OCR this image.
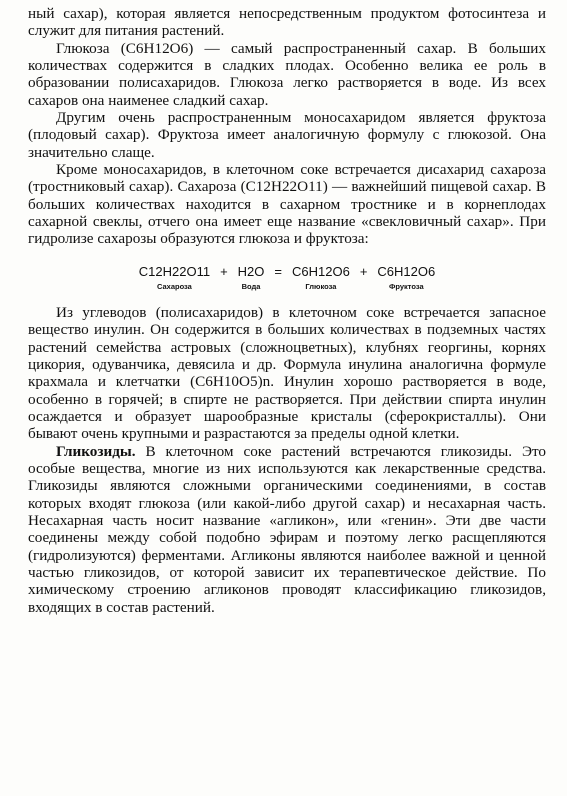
ный сахар), которая является непосредственным продуктом фотосинтеза и служит для питания растений.

Глюкоза (C6H12O6) — самый распространенный сахар. В больших количествах содержится в сладких плодах. Особенно велика ее роль в образовании полисахаридов. Глюкоза легко растворяется в воде. Из всех сахаров она наименее сладкий сахар.

Другим очень распространенным моносахаридом является фруктоза (плодовый сахар). Фруктоза имеет аналогичную формулу с глюкозой. Она значительно слаще.

Кроме моносахаридов, в клеточном соке встречается дисахарид сахароза (тростниковый сахар). Сахароза (C12H22O11) — важнейший пищевой сахар. В больших количествах находится в сахарном тростнике и в корнеплодах сахарной свеклы, отчего она имеет еще название «свекловичный сахар». При гидролизе сахарозы образуются глюкоза и фруктоза:

C12H22O11
Сахароза
+ H2O
Вода
= C6H12O6
Глюкоза
+ C6H12O6
Фруктоза

Из углеводов (полисахаридов) в клеточном соке встречается запасное вещество инулин. Он содержится в больших количествах в подземных частях растений семейства астровых (сложноцветных), клубнях георгины, корнях цикория, одуванчика, девясила и др. Формула инулина аналогична формуле крахмала и клетчатки (C6H10O5)n. Инулин хорошо растворяется в воде, особенно в горячей; в спирте не растворяется. При действии спирта инулин осаждается и образует шарообразные кристалы (сферокристаллы). Они бывают очень крупными и разрастаются за пределы одной клетки.

Гликозиды. В клеточном соке растений встречаются гликозиды. Это особые вещества, многие из них используются как лекарственные средства. Гликозиды являются сложными органическими соединениями, в состав которых входят глюкоза (или какой-либо другой сахар) и несахарная часть. Несахарная часть носит название «агликон», или «генин». Эти две части соединены между собой подобно эфирам и поэтому легко расщепляются (гидролизуются) ферментами. Агликоны являются наиболее важной и ценной частью гликозидов, от которой зависит их терапевтическое действие. По химическому строению агликонов проводят классификацию гликозидов, входящих в состав растений.
